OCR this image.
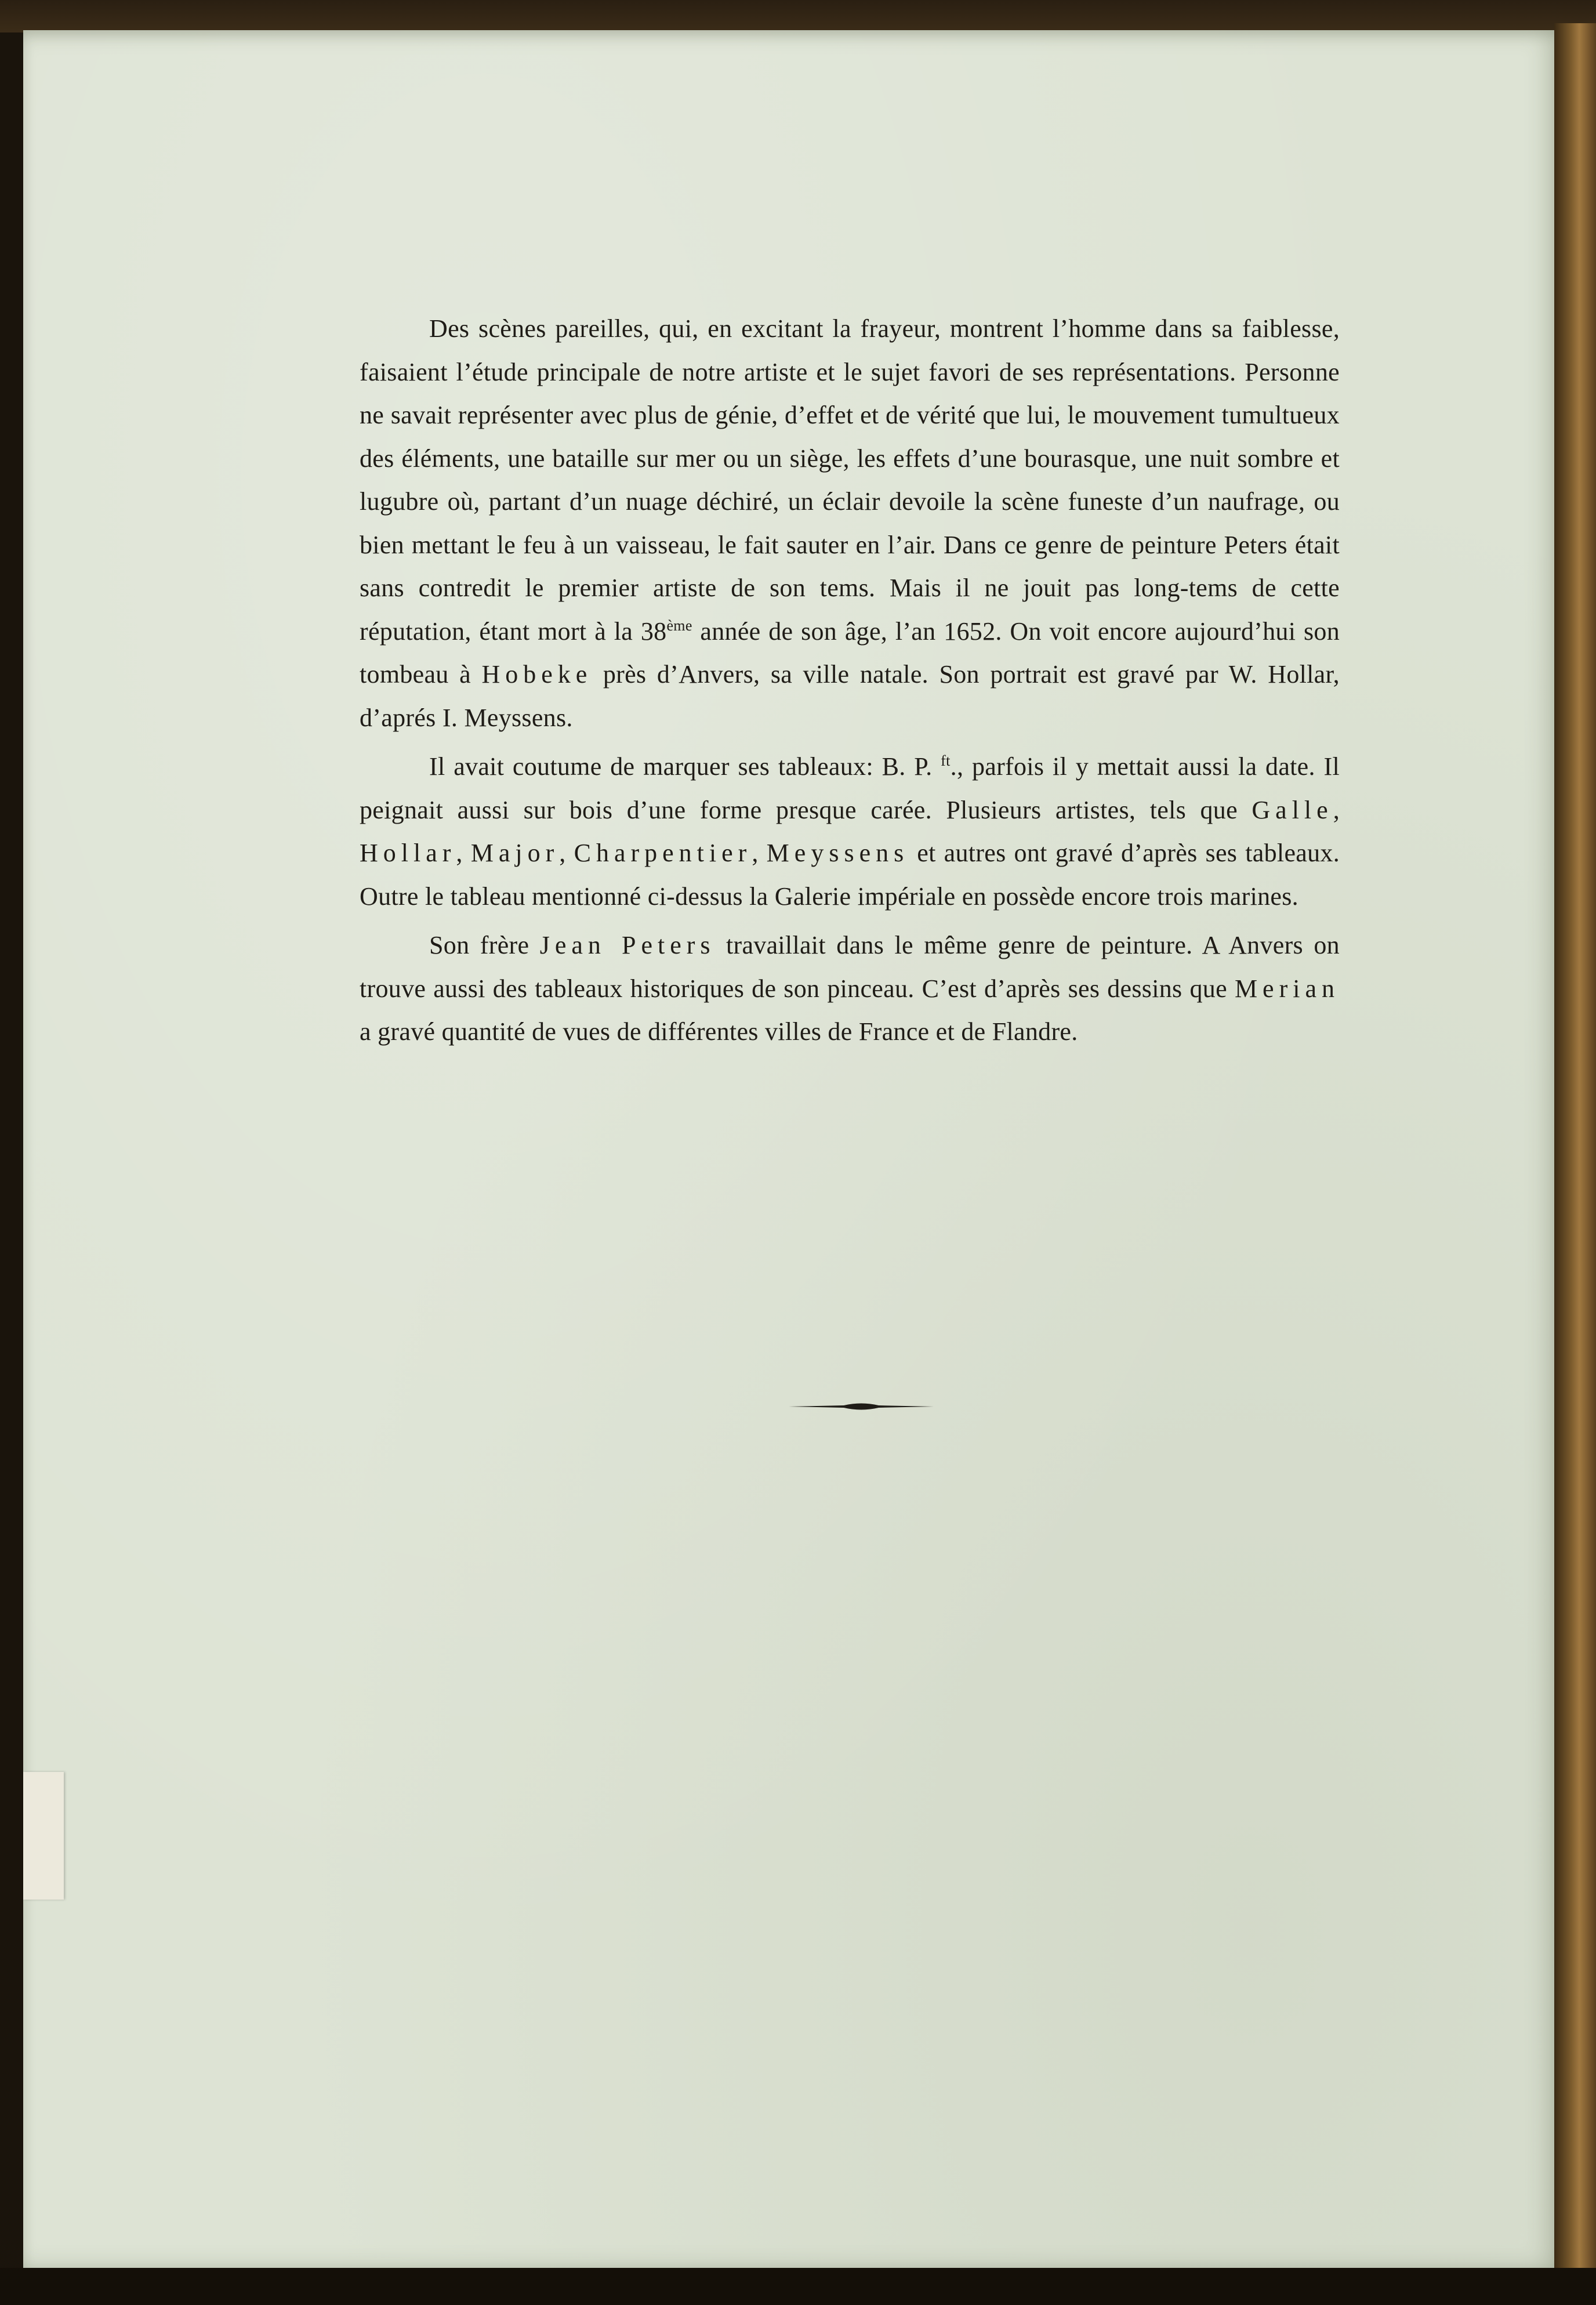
Des scènes pareilles, qui, en excitant la frayeur, montrent l’homme dans sa faiblesse, faisaient l’étude principale de notre artiste et le sujet favori de ses représentations. Personne ne savait représenter avec plus de génie, d’effet et de vérité que lui, le mouvement tumultueux des éléments, une bataille sur mer ou un siège, les effets d’une bourasque, une nuit sombre et lugubre où, partant d’un nuage déchiré, un éclair devoile la scène funeste d’un naufrage, ou bien mettant le feu à un vaisseau, le fait sauter en l’air. Dans ce genre de peinture Peters était sans contredit le premier artiste de son tems. Mais il ne jouit pas long-tems de cette réputation, étant mort à la 38ème année de son âge, l’an 1652. On voit encore aujourd’hui son tombeau à Hobeke près d’Anvers, sa ville natale. Son portrait est gravé par W. Hollar, d’aprés I. Meyssens.

Il avait coutume de marquer ses tableaux: B. P. $^{ft}$., parfois il y mettait aussi la date. Il peignait aussi sur bois d’une forme presque carée. Plusieurs artistes, tels que Galle, Hollar, Major, Charpentier, Meyssens et autres ont gravé d’après ses tableaux. Outre le tableau mentionné ci-dessus la Galerie impériale en possède encore trois marines.

Son frère Jean Peters travaillait dans le même genre de peinture. A Anvers on trouve aussi des tableaux historiques de son pinceau. C’est d’après ses dessins que Merian a gravé quantité de vues de différentes villes de France et de Flandre.
